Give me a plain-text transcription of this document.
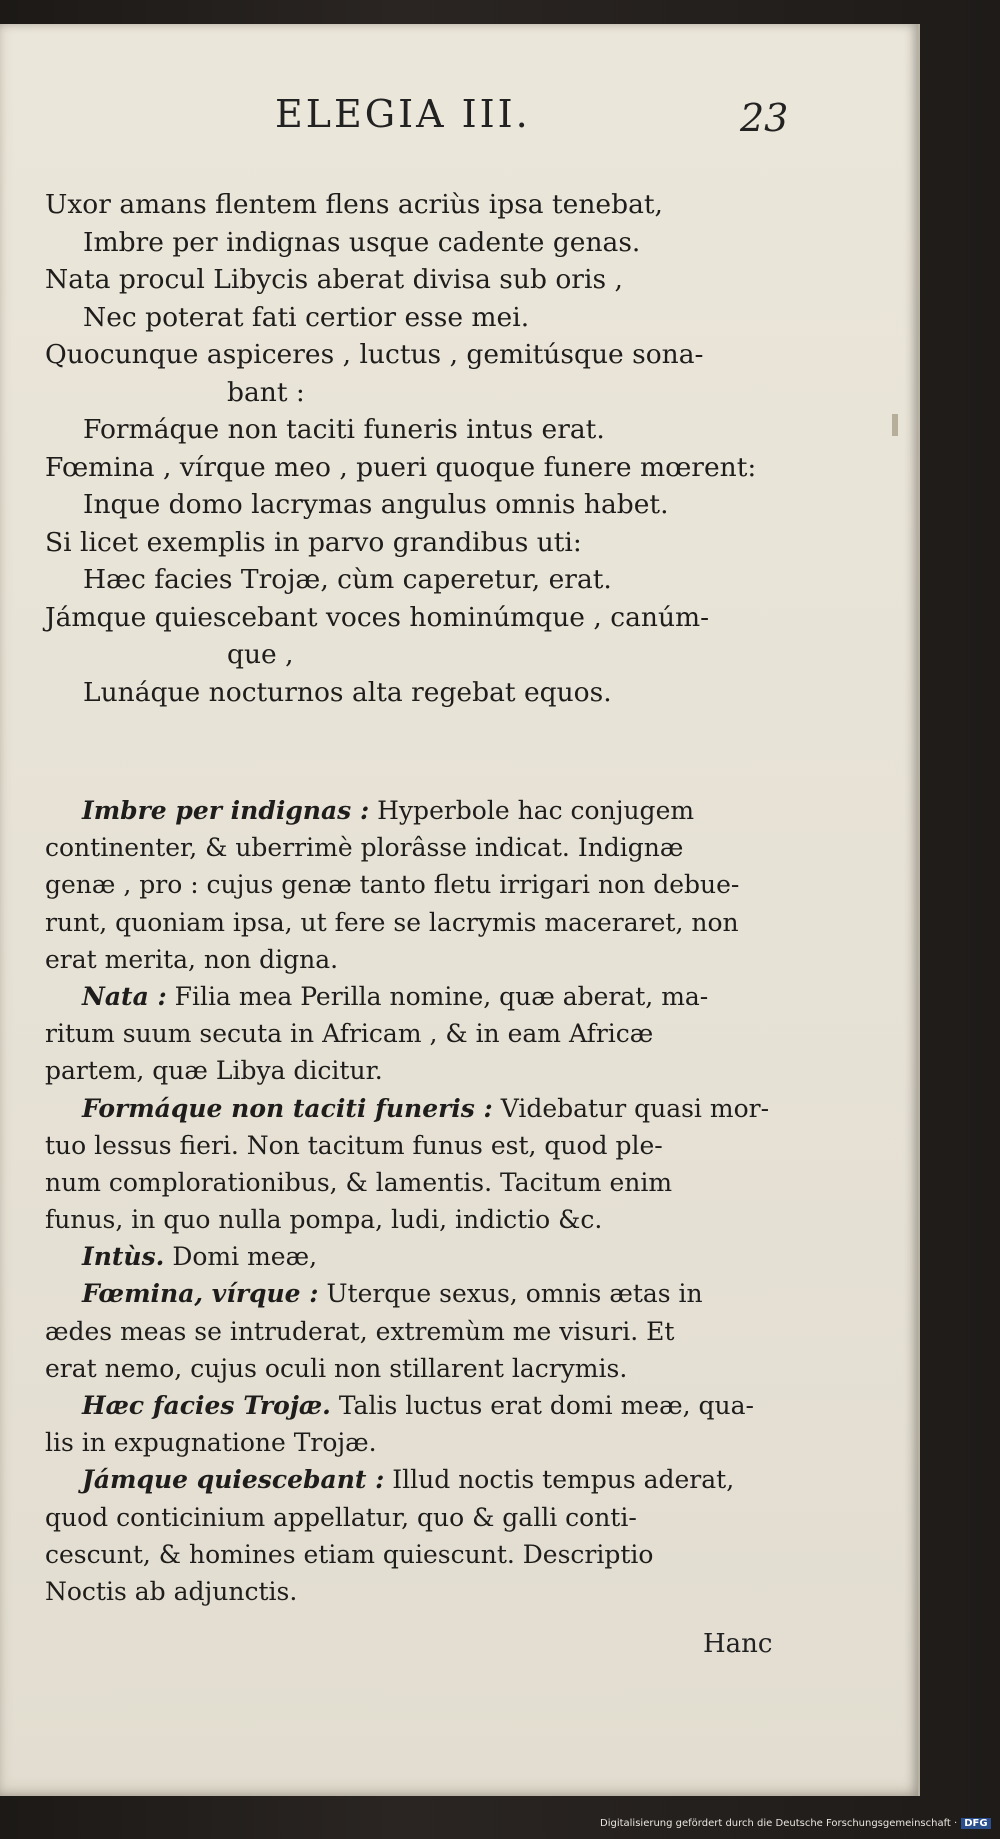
ELEGIA III.	23
Uxor amans flentem flens acriùs ipsa tenebat,
Imbre per indignas usque cadente genas.
Nata procul Libycis aberat divisa sub oris ,
Nec poterat fati certior esse mei.
Quocunque aspiceres , luctus , gemitúsque sona-
bant :
Formáque non taciti funeris intus erat.
Fœmina , vírque meo , pueri quoque funere mœrent:
Inque domo lacrymas angulus omnis habet.
Si licet exemplis in parvo grandibus uti:
Hæc facies Trojæ, cùm caperetur, erat.
Jámque quiescebant voces hominúmque , canúm-
que ,
Lunáque nocturnos alta regebat equos.
Imbre per indignas : Hyperbole hac conjugem
continenter, & uberrimè plorâsse indicat. Indignæ
genæ , pro : cujus genæ tanto fletu irrigari non debue-
runt, quoniam ipsa, ut fere se lacrymis maceraret, non
erat merita, non digna.
Nata : Filia mea Perilla nomine, quæ aberat, ma-
ritum suum secuta in Africam , & in eam Africæ
partem, quæ Libya dicitur.
Formáque non taciti funeris : Videbatur quasi mor-
tuo lessus fieri. Non tacitum funus est, quod ple-
num complorationibus, & lamentis. Tacitum enim
funus, in quo nulla pompa, ludi, indictio &c.
Intùs. Domi meæ,
Fœmina, vírque : Uterque sexus, omnis ætas in
ædes meas se intruderat, extremùm me visuri. Et
erat nemo, cujus oculi non stillarent lacrymis.
Hæc facies Trojæ. Talis luctus erat domi meæ, qua-
lis in expugnatione Trojæ.
Jámque quiescebant : Illud noctis tempus aderat,
quod conticinium appellatur, quo & galli conti-
cescunt, & homines etiam quiescunt. Descriptio
Noctis ab adjunctis.
Hanc
Digitalisierung gefördert durch die Deutsche Forschungsgemeinschaft · DFG
